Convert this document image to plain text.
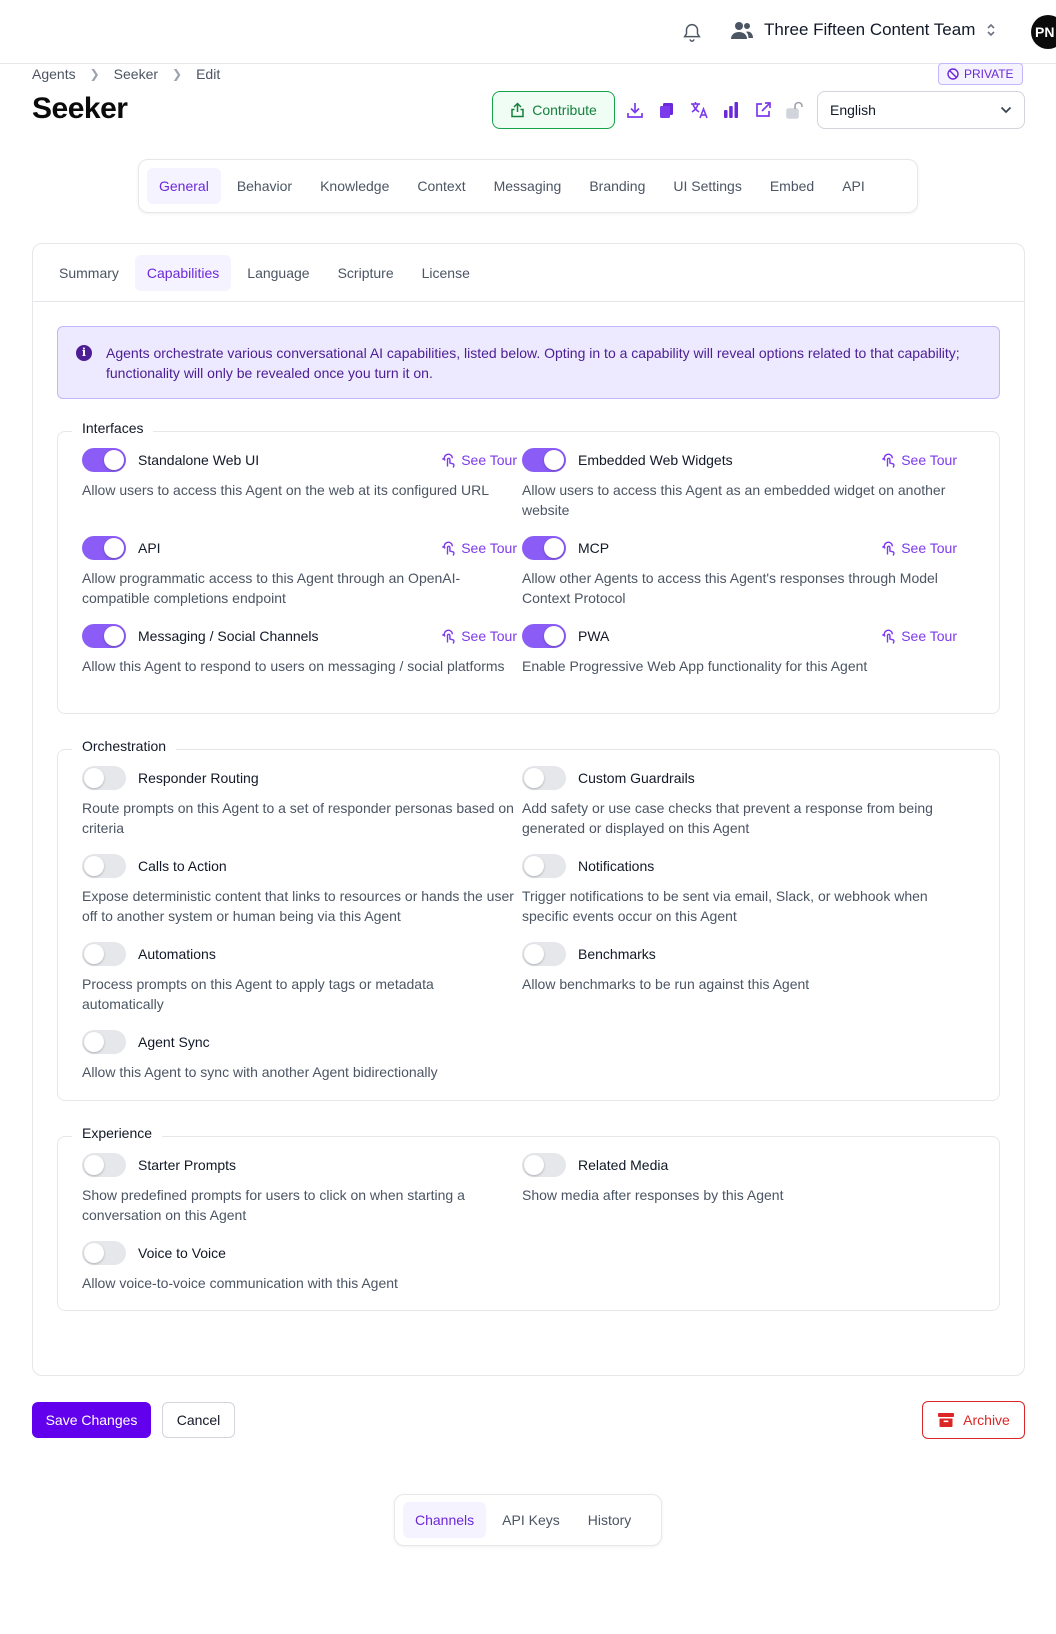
Three Fifteen Content Team	PN
Agents ❯ Seeker ❯ Edit	PRIVATE
Seeker	Contribute	English
General	Behavior	Knowledge	Context	Messaging	Branding	UI Settings	Embed	API
Summary	Capabilities	Language	Scripture	License
i	Agents orchestrate various conversational AI capabilities, listed below. Opting in to a capability will reveal options related to that capability; functionality will only be revealed once you turn it on.
Interfaces
Standalone Web UI	See Tour
Allow users to access this Agent on the web at its configured URL
Embedded Web Widgets	See Tour
Allow users to access this Agent as an embedded widget on another website
API	See Tour
Allow programmatic access to this Agent through an OpenAI-compatible completions endpoint
MCP	See Tour
Allow other Agents to access this Agent's responses through Model Context Protocol
Messaging / Social Channels	See Tour
Allow this Agent to respond to users on messaging / social platforms
PWA	See Tour
Enable Progressive Web App functionality for this Agent
Orchestration
Responder Routing
Route prompts on this Agent to a set of responder personas based on criteria
Custom Guardrails
Add safety or use case checks that prevent a response from being generated or displayed on this Agent
Calls to Action
Expose deterministic content that links to resources or hands the user off to another system or human being via this Agent
Notifications
Trigger notifications to be sent via email, Slack, or webhook when specific events occur on this Agent
Automations
Process prompts on this Agent to apply tags or metadata automatically
Benchmarks
Allow benchmarks to be run against this Agent
Agent Sync
Allow this Agent to sync with another Agent bidirectionally
Experience
Starter Prompts
Show predefined prompts for users to click on when starting a conversation on this Agent
Related Media
Show media after responses by this Agent
Voice to Voice
Allow voice-to-voice communication with this Agent
Save Changes	Cancel	Archive
Channels	API Keys	History
